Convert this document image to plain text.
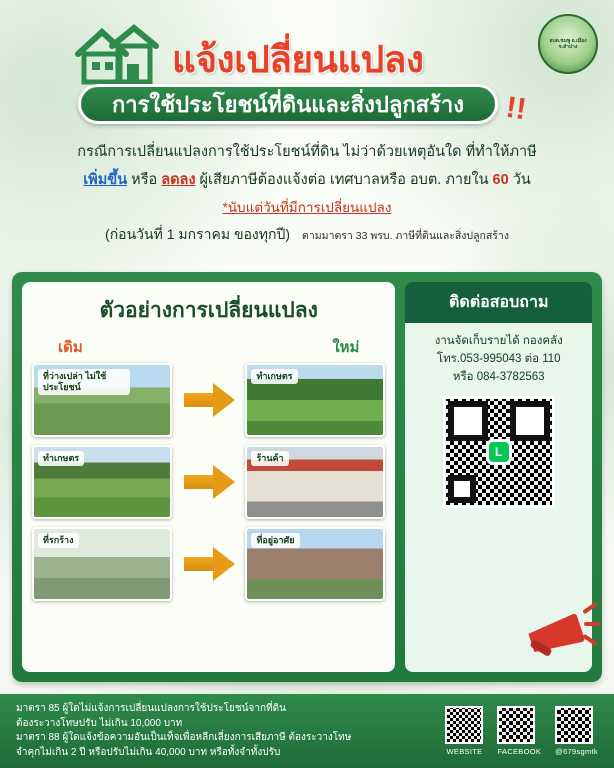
อบต.ชมพู อ.เมือง จ.ลำปาง
แจ้งเปลี่ยนแปลง
การใช้ประโยชน์ที่ดินและสิ่งปลูกสร้าง !!
กรณีการเปลี่ยนแปลงการใช้ประโยชน์ที่ดิน ไม่ว่าด้วยเหตุอันใด ที่ทำให้ภาษี
เพิ่มขึ้น หรือ ลดลง ผู้เสียภาษีต้องแจ้งต่อ เทศบาลหรือ อบต. ภายใน 60 วัน
*นับแต่วันที่มีการเปลี่ยนแปลง
(ก่อนวันที่ 1 มกราคม ของทุกปี) ตามมาตรา 33 พรบ. ภาษีที่ดินและสิ่งปลูกสร้าง
ตัวอย่างการเปลี่ยนแปลง
เดิม	ใหม่
ที่ว่างเปล่า ไม่ใช้ประโยชน์
ทำเกษตร
ทำเกษตร	ร้านค้า
ที่รกร้าง	ที่อยู่อาศัย
ติดต่อสอบถาม
งานจัดเก็บรายได้ กองคลัง
โทร.053-995043 ต่อ 110
หรือ 084-3782563
L
มาตรา 85 ผู้ใดไม่แจ้งการเปลี่ยนแปลงการใช้ประโยชน์จากที่ดิน
ต้องระวางโทษปรับ ไม่เกิน 10,000 บาท
มาตรา 88 ผู้ใดแจ้งข้อความอันเป็นเท็จเพื่อหลีกเลี่ยงการเสียภาษี ต้องระวางโทษ
จำคุกไม่เกิน 2 ปี หรือปรับไม่เกิน 40,000 บาท หรือทั้งจำทั้งปรับ	WEBSITE FACEBOOK @679sgmtk
